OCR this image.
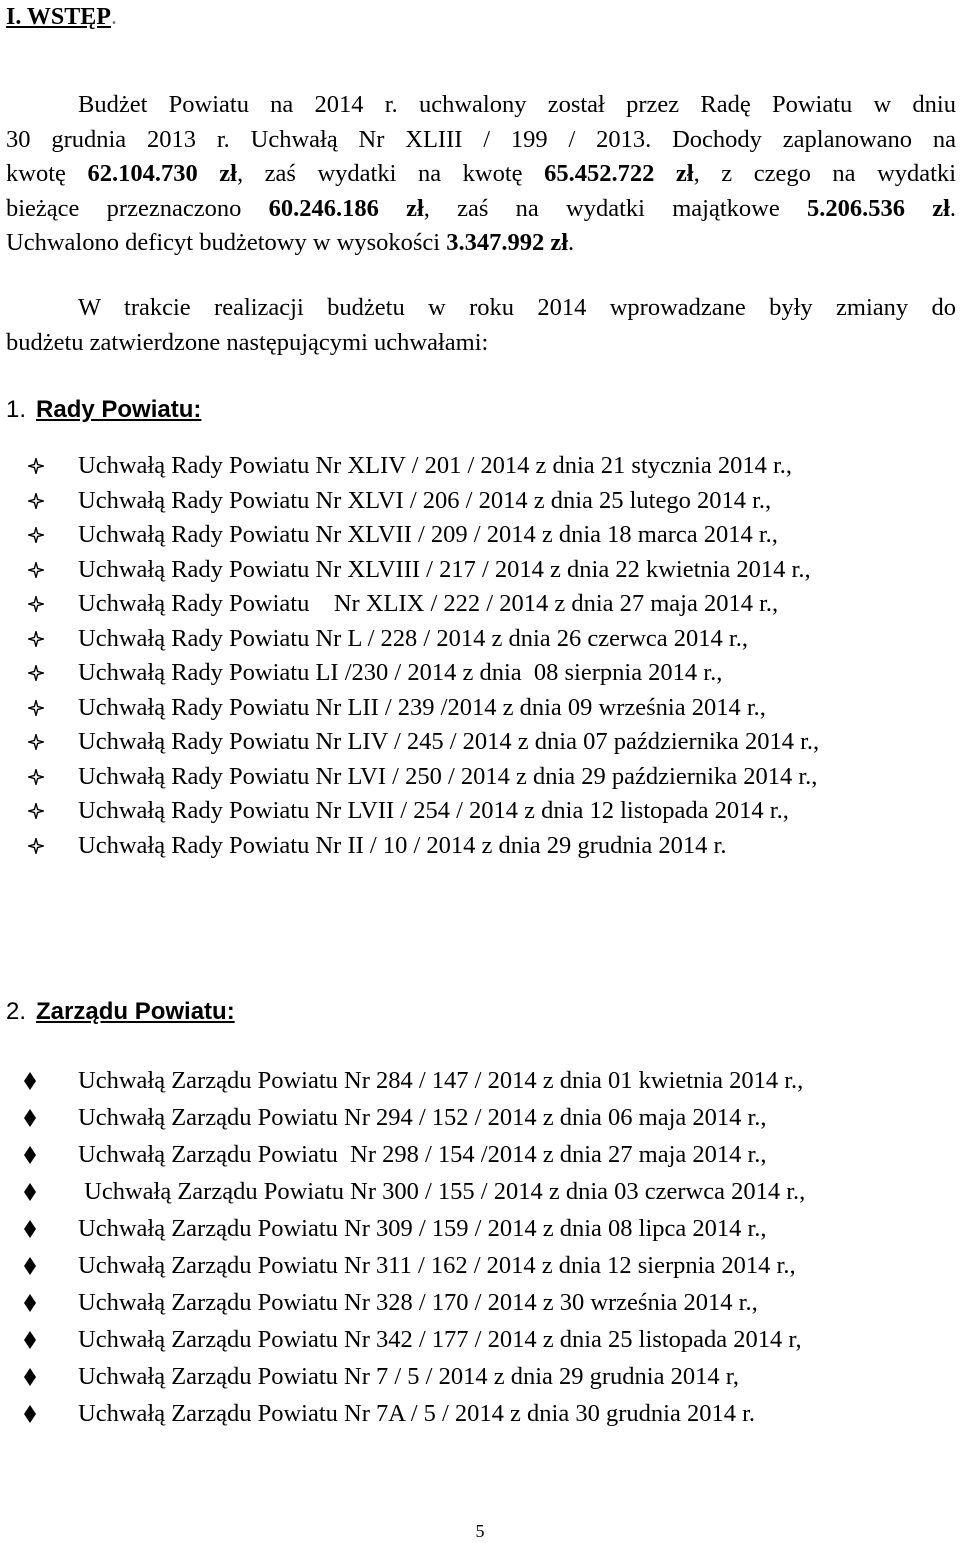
I. WSTĘP.
Budżet Powiatu na 2014 r. uchwalony został przez Radę Powiatu w dniu
30 grudnia 2013 r. Uchwałą Nr XLIII / 199 / 2013. Dochody zaplanowano na
kwotę 62.104.730 zł, zaś wydatki na kwotę 65.452.722 zł, z czego na wydatki
bieżące przeznaczono 60.246.186 zł, zaś na wydatki majątkowe 5.206.536 zł.
Uchwalono deficyt budżetowy w wysokości 3.347.992 zł.
W trakcie realizacji budżetu w roku 2014 wprowadzane były zmiany do
budżetu zatwierdzone następującymi uchwałami:
1. Rady Powiatu:
Uchwałą Rady Powiatu Nr XLIV / 201 / 2014 z dnia 21 stycznia 2014 r.,
Uchwałą Rady Powiatu Nr XLVI / 206 / 2014 z dnia 25 lutego 2014 r.,
Uchwałą Rady Powiatu Nr XLVII / 209 / 2014 z dnia 18 marca 2014 r.,
Uchwałą Rady Powiatu Nr XLVIII / 217 / 2014 z dnia 22 kwietnia 2014 r.,
Uchwałą Rady Powiatu    Nr XLIX / 222 / 2014 z dnia 27 maja 2014 r.,
Uchwałą Rady Powiatu Nr L / 228 / 2014 z dnia 26 czerwca 2014 r.,
Uchwałą Rady Powiatu LI /230 / 2014 z dnia  08 sierpnia 2014 r.,
Uchwałą Rady Powiatu Nr LII / 239 /2014 z dnia 09 września 2014 r.,
Uchwałą Rady Powiatu Nr LIV / 245 / 2014 z dnia 07 października 2014 r.,
Uchwałą Rady Powiatu Nr LVI / 250 / 2014 z dnia 29 października 2014 r.,
Uchwałą Rady Powiatu Nr LVII / 254 / 2014 z dnia 12 listopada 2014 r.,
Uchwałą Rady Powiatu Nr II / 10 / 2014 z dnia 29 grudnia 2014 r.
2. Zarządu Powiatu:
Uchwałą Zarządu Powiatu Nr 284 / 147 / 2014 z dnia 01 kwietnia 2014 r.,
Uchwałą Zarządu Powiatu Nr 294 / 152 / 2014 z dnia 06 maja 2014 r.,
Uchwałą Zarządu Powiatu  Nr 298 / 154 /2014 z dnia 27 maja 2014 r.,
Uchwałą Zarządu Powiatu Nr 300 / 155 / 2014 z dnia 03 czerwca 2014 r.,
Uchwałą Zarządu Powiatu Nr 309 / 159 / 2014 z dnia 08 lipca 2014 r.,
Uchwałą Zarządu Powiatu Nr 311 / 162 / 2014 z dnia 12 sierpnia 2014 r.,
Uchwałą Zarządu Powiatu Nr 328 / 170 / 2014 z 30 września 2014 r.,
Uchwałą Zarządu Powiatu Nr 342 / 177 / 2014 z dnia 25 listopada 2014 r,
Uchwałą Zarządu Powiatu Nr 7 / 5 / 2014 z dnia 29 grudnia 2014 r,
Uchwałą Zarządu Powiatu Nr 7A / 5 / 2014 z dnia 30 grudnia 2014 r.
5
